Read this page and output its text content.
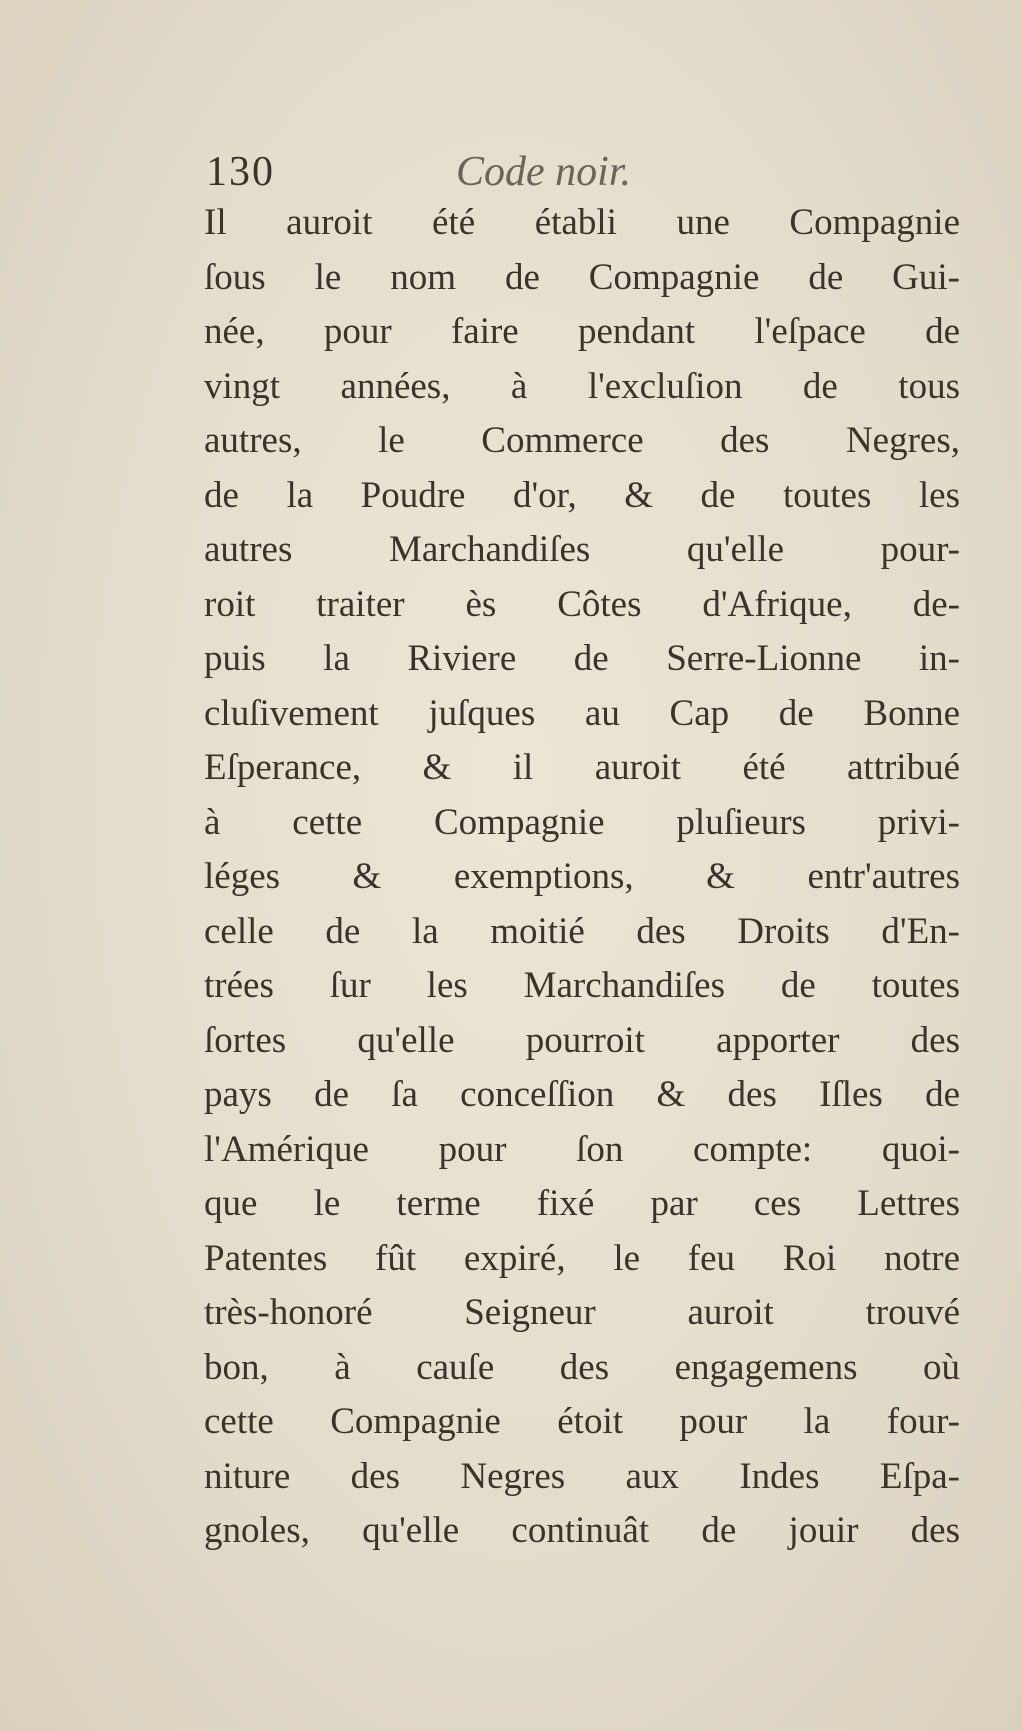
130	Code noir.
Il auroit été établi une Compagnie
ſous le nom de Compagnie de Gui-
née, pour faire pendant l'eſpace de
vingt années, à l'excluſion de tous
autres, le Commerce des Negres,
de la Poudre d'or, & de toutes les
autres Marchandiſes qu'elle pour-
roit traiter ès Côtes d'Afrique, de-
puis la Riviere de Serre-Lionne in-
cluſivement juſques au Cap de Bonne
Eſperance, & il auroit été attribué
à cette Compagnie pluſieurs privi-
léges & exemptions, & entr'autres
celle de la moitié des Droits d'En-
trées ſur les Marchandiſes de toutes
ſortes qu'elle pourroit apporter des
pays de ſa conceſſion & des Iſles de
l'Amérique pour ſon compte: quoi-
que le terme fixé par ces Lettres
Patentes fût expiré, le feu Roi notre
très-honoré Seigneur auroit trouvé
bon, à cauſe des engagemens où
cette Compagnie étoit pour la four-
niture des Negres aux Indes Eſpa-
gnoles, qu'elle continuât de jouir des
